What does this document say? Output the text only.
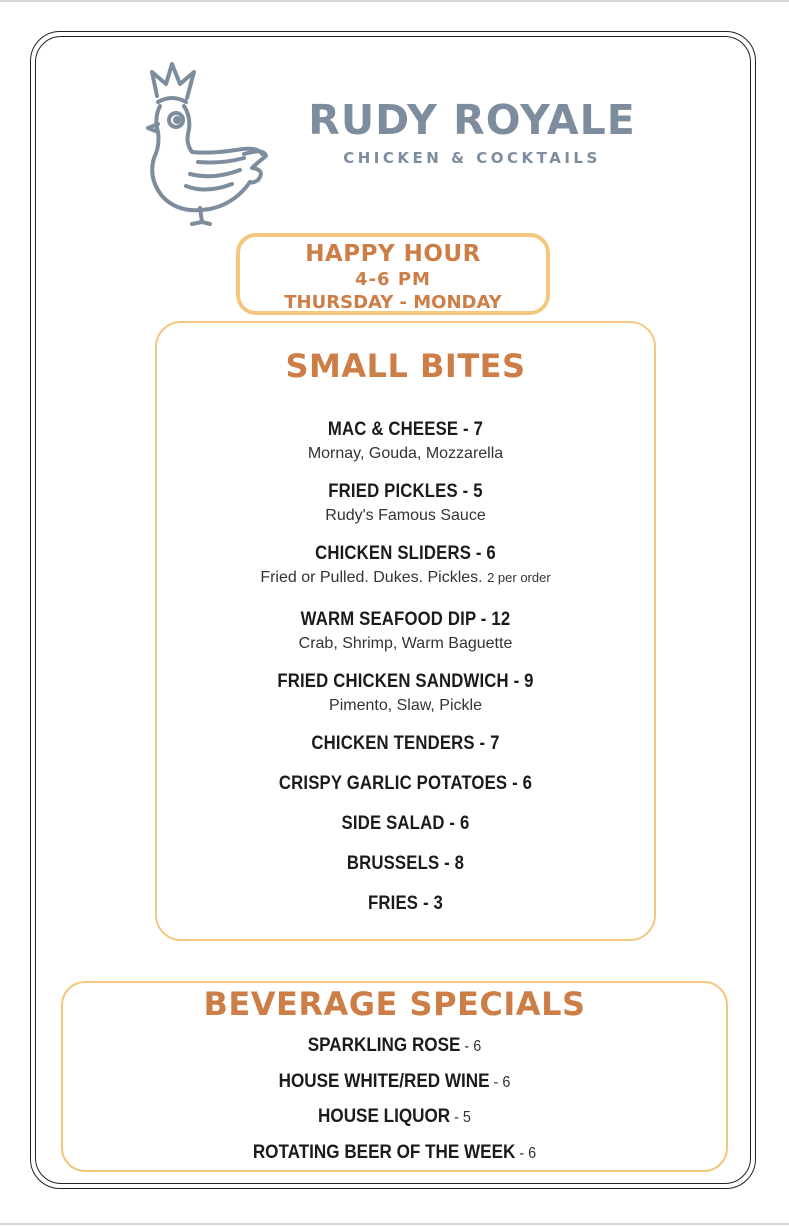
RUDY ROYALE
CHICKEN & COCKTAILS
HAPPY HOUR
4-6 PM
THURSDAY - MONDAY
SMALL BITES
MAC & CHEESE - 7
Mornay, Gouda, Mozzarella
FRIED PICKLES - 5
Rudy's Famous Sauce
CHICKEN SLIDERS - 6
Fried or Pulled. Dukes. Pickles. 2 per order
WARM SEAFOOD DIP - 12
Crab, Shrimp, Warm Baguette
FRIED CHICKEN SANDWICH - 9
Pimento, Slaw, Pickle
CHICKEN TENDERS - 7
CRISPY GARLIC POTATOES - 6
SIDE SALAD - 6
BRUSSELS - 8
FRIES - 3
BEVERAGE SPECIALS
SPARKLING ROSE - 6
HOUSE WHITE/RED WINE - 6
HOUSE LIQUOR - 5
ROTATING BEER OF THE WEEK - 6
